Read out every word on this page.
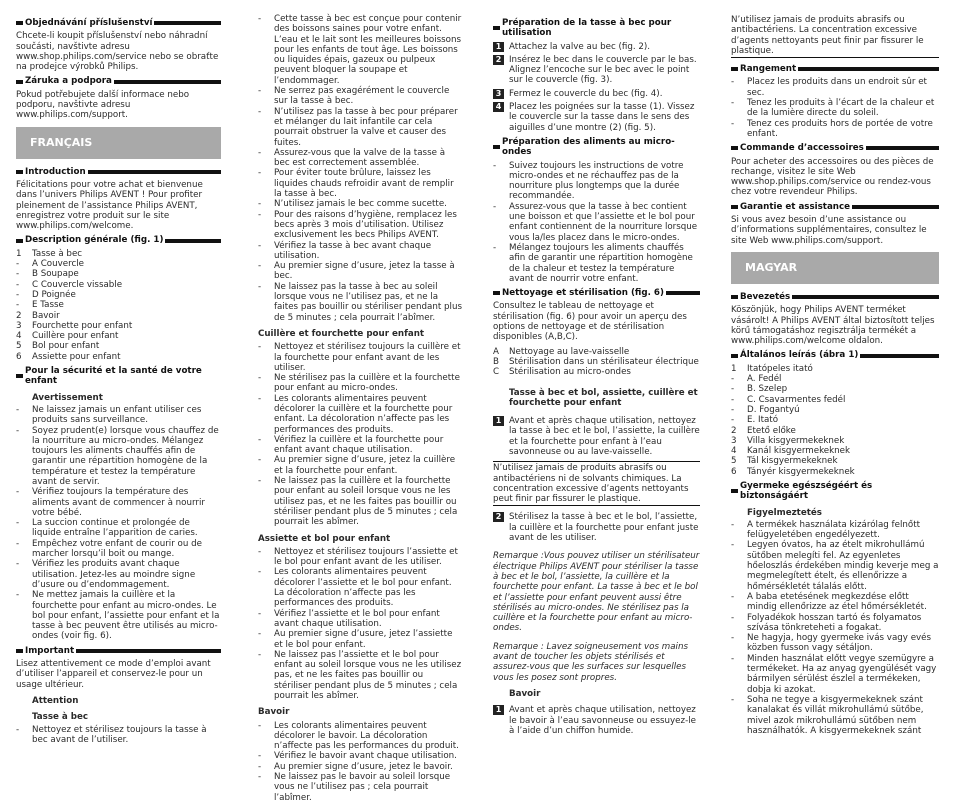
Objednávání příslušenství
Chcete-li koupit příslušenství nebo náhradní součásti, navštivte adresu www.shop.philips.com/service nebo se obraťte na prodejce výrobků Philips.
Záruka a podpora
Pokud potřebujete další informace nebo podporu, navštivte adresu www.philips.com/support.
FRANÇAIS
Introduction
Félicitations pour votre achat et bienvenue dans l’univers Philips AVENT ! Pour profiter pleinement de l’assistance Philips AVENT, enregistrez votre produit sur le site www.philips.com/welcome.
Description générale (fig. 1)
1	Tasse à bec
-	A Couvercle
-	B Soupape
-	C Couvercle vissable
-	D Poignée
-	E Tasse
2	Bavoir
3	Fourchette pour enfant
4	Cuillère pour enfant
5	Bol pour enfant
6	Assiette pour enfant
Pour la sécurité et la santé de votre enfant
Avertissement
-	Ne laissez jamais un enfant utiliser ces produits sans surveillance.
-	Soyez prudent(e) lorsque vous chauffez de la nourriture au micro-ondes. Mélangez toujours les aliments chauffés afin de garantir une répartition homogène de la température et testez la température avant de servir.
-	Vérifiez toujours la température des aliments avant de commencer à nourrir votre bébé.
-	La succion continue et prolongée de liquide entraîne l’apparition de caries.
-	Empêchez votre enfant de courir ou de marcher lorsqu’il boit ou mange.
-	Vérifiez les produits avant chaque utilisation. Jetez-les au moindre signe d’usure ou d’endommagement.
-	Ne mettez jamais la cuillère et la fourchette pour enfant au micro-ondes. Le bol pour enfant, l’assiette pour enfant et la tasse à bec peuvent être utilisés au micro-ondes (voir fig. 6).
Important
Lisez attentivement ce mode d’emploi avant d’utiliser l’appareil et conservez-le pour un usage ultérieur.
Attention
Tasse à bec
-	Nettoyez et stérilisez toujours la tasse à bec avant de l’utiliser.
-	Cette tasse à bec est conçue pour contenir des boissons saines pour votre enfant. L’eau et le lait sont les meilleures boissons pour les enfants de tout âge. Les boissons ou liquides épais, gazeux ou pulpeux peuvent bloquer la soupape et l’endommager.
-	Ne serrez pas exagérément le couvercle sur la tasse à bec.
-	N’utilisez pas la tasse à bec pour préparer et mélanger du lait infantile car cela pourrait obstruer la valve et causer des fuites.
-	Assurez-vous que la valve de la tasse à bec est correctement assemblée.
-	Pour éviter toute brûlure, laissez les liquides chauds refroidir avant de remplir la tasse à bec.
-	N’utilisez jamais le bec comme sucette.
-	Pour des raisons d’hygiène, remplacez les becs après 3 mois d’utilisation. Utilisez exclusivement les becs Philips AVENT.
-	Vérifiez la tasse à bec avant chaque utilisation.
-	Au premier signe d’usure, jetez la tasse à bec.
-	Ne laissez pas la tasse à bec au soleil lorsque vous ne l’utilisez pas, et ne la faites pas bouillir ou stériliser pendant plus de 5 minutes ; cela pourrait l’abîmer.
Cuillère et fourchette pour enfant
-	Nettoyez et stérilisez toujours la cuillère et la fourchette pour enfant avant de les utiliser.
-	Ne stérilisez pas la cuillère et la fourchette pour enfant au micro-ondes.
-	Les colorants alimentaires peuvent décolorer la cuillère et la fourchette pour enfant. La décoloration n’affecte pas les performances des produits.
-	Vérifiez la cuillère et la fourchette pour enfant avant chaque utilisation.
-	Au premier signe d’usure, jetez la cuillère et la fourchette pour enfant.
-	Ne laissez pas la cuillère et la fourchette pour enfant au soleil lorsque vous ne les utilisez pas, et ne les faites pas bouillir ou stériliser pendant plus de 5 minutes ; cela pourrait les abîmer.
Assiette et bol pour enfant
-	Nettoyez et stérilisez toujours l’assiette et le bol pour enfant avant de les utiliser.
-	Les colorants alimentaires peuvent décolorer l’assiette et le bol pour enfant. La décoloration n’affecte pas les performances des produits.
-	Vérifiez l’assiette et le bol pour enfant avant chaque utilisation.
-	Au premier signe d’usure, jetez l’assiette et le bol pour enfant.
-	Ne laissez pas l’assiette et le bol pour enfant au soleil lorsque vous ne les utilisez pas, et ne les faites pas bouillir ou stériliser pendant plus de 5 minutes ; cela pourrait les abîmer.
Bavoir
-	Les colorants alimentaires peuvent décolorer le bavoir. La décoloration n’affecte pas les performances du produit.
-	Vérifiez le bavoir avant chaque utilisation.
-	Au premier signe d’usure, jetez le bavoir.
-	Ne laissez pas le bavoir au soleil lorsque vous ne l’utilisez pas ; cela pourrait l’abîmer.
Préparation de la tasse à bec pour utilisation
1 Attachez la valve au bec (fig. 2).
2 Insérez le bec dans le couvercle par le bas. Alignez l’encoche sur le bec avec le point sur le couvercle (fig. 3).
3 Fermez le couvercle du bec (fig. 4).
4 Placez les poignées sur la tasse (1). Vissez le couvercle sur la tasse dans le sens des aiguilles d’une montre (2) (fig. 5).
Préparation des aliments au micro-ondes
-	Suivez toujours les instructions de votre micro-ondes et ne réchauffez pas de la nourriture plus longtemps que la durée recommandée.
-	Assurez-vous que la tasse à bec contient une boisson et que l’assiette et le bol pour enfant contiennent de la nourriture lorsque vous la/les placez dans le micro-ondes.
-	Mélangez toujours les aliments chauffés afin de garantir une répartition homogène de la chaleur et testez la température avant de nourrir votre enfant.
Nettoyage et stérilisation (fig. 6)
Consultez le tableau de nettoyage et stérilisation (fig. 6) pour avoir un aperçu des options de nettoyage et de stérilisation disponibles (A,B,C).
A	Nettoyage au lave-vaisselle
B	Stérilisation dans un stérilisateur électrique
C	Stérilisation au micro-ondes
Tasse à bec et bol, assiette, cuillère et fourchette pour enfant
1 Avant et après chaque utilisation, nettoyez la tasse à bec et le bol, l’assiette, la cuillère et la fourchette pour enfant à l’eau savonneuse ou au lave-vaisselle.
N’utilisez jamais de produits abrasifs ou antibactériens ni de solvants chimiques. La concentration excessive d’agents nettoyants peut finir par fissurer le plastique.
2 Stérilisez la tasse à bec et le bol, l’assiette, la cuillère et la fourchette pour enfant juste avant de les utiliser.
Remarque :Vous pouvez utiliser un stérilisateur électrique Philips AVENT pour stériliser la tasse à bec et le bol, l’assiette, la cuillère et la fourchette pour enfant. La tasse à bec et le bol et l’assiette pour enfant peuvent aussi être stérilisés au micro-ondes. Ne stérilisez pas la cuillère et la fourchette pour enfant au micro-ondes.
Remarque : Lavez soigneusement vos mains avant de toucher les objets stérilisés et assurez-vous que les surfaces sur lesquelles vous les posez sont propres.
Bavoir
1 Avant et après chaque utilisation, nettoyez le bavoir à l’eau savonneuse ou essuyez-le à l’aide d’un chiffon humide.
N’utilisez jamais de produits abrasifs ou antibactériens. La concentration excessive d’agents nettoyants peut finir par fissurer le plastique.
Rangement
-	Placez les produits dans un endroit sûr et sec.
-	Tenez les produits à l’écart de la chaleur et de la lumière directe du soleil.
-	Tenez ces produits hors de portée de votre enfant.
Commande d’accessoires
Pour acheter des accessoires ou des pièces de rechange, visitez le site Web www.shop.philips.com/service ou rendez-vous chez votre revendeur Philips.
Garantie et assistance
Si vous avez besoin d’une assistance ou d’informations supplémentaires, consultez le site Web www.philips.com/support.
MAGYAR
Bevezetés
Köszönjük, hogy Philips AVENT terméket vásárolt! A Philips AVENT által biztosított teljes körű támogatáshoz regisztrálja termékét a www.philips.com/welcome oldalon.
Általános leírás (ábra 1)
1	Itatópeles itató
-	A. Fedél
-	B. Szelep
-	C. Csavarmentes fedél
-	D. Fogantyú
-	E. Itató
2	Etető előke
3	Villa kisgyermekeknek
4	Kanál kisgyermekeknek
5	Tál kisgyermekeknek
6	Tányér kisgyermekeknek
Gyermeke egészségéért és biztonságáért
Figyelmeztetés
-	A termékek használata kizárólag felnőtt felügyeletében engedélyezett.
-	Legyen óvatos, ha az ételt mikrohullámú sütőben melegíti fel. Az egyenletes hőeloszlás érdekében mindig keverje meg a megmelegített ételt, és ellenőrizze a hőmérsékletét tálalás előtt.
-	A baba etetésének megkezdése előtt mindig ellenőrizze az étel hőmérsékletét.
-	Folyadékok hosszan tartó és folyamatos szívása tönkreteheti a fogakat.
-	Ne hagyja, hogy gyermeke ivás vagy evés közben fusson vagy sétáljon.
-	Minden használat előtt vegye szemügyre a termékeket. Ha az anyag gyengülését vagy bármilyen sérülést észlel a termékeken, dobja ki azokat.
-	Soha ne tegye a kisgyermekeknek szánt kanalakat és villát mikrohullámú sütőbe, mivel azok mikrohullámú sütőben nem használhatók. A kisgyermekeknek szánt
